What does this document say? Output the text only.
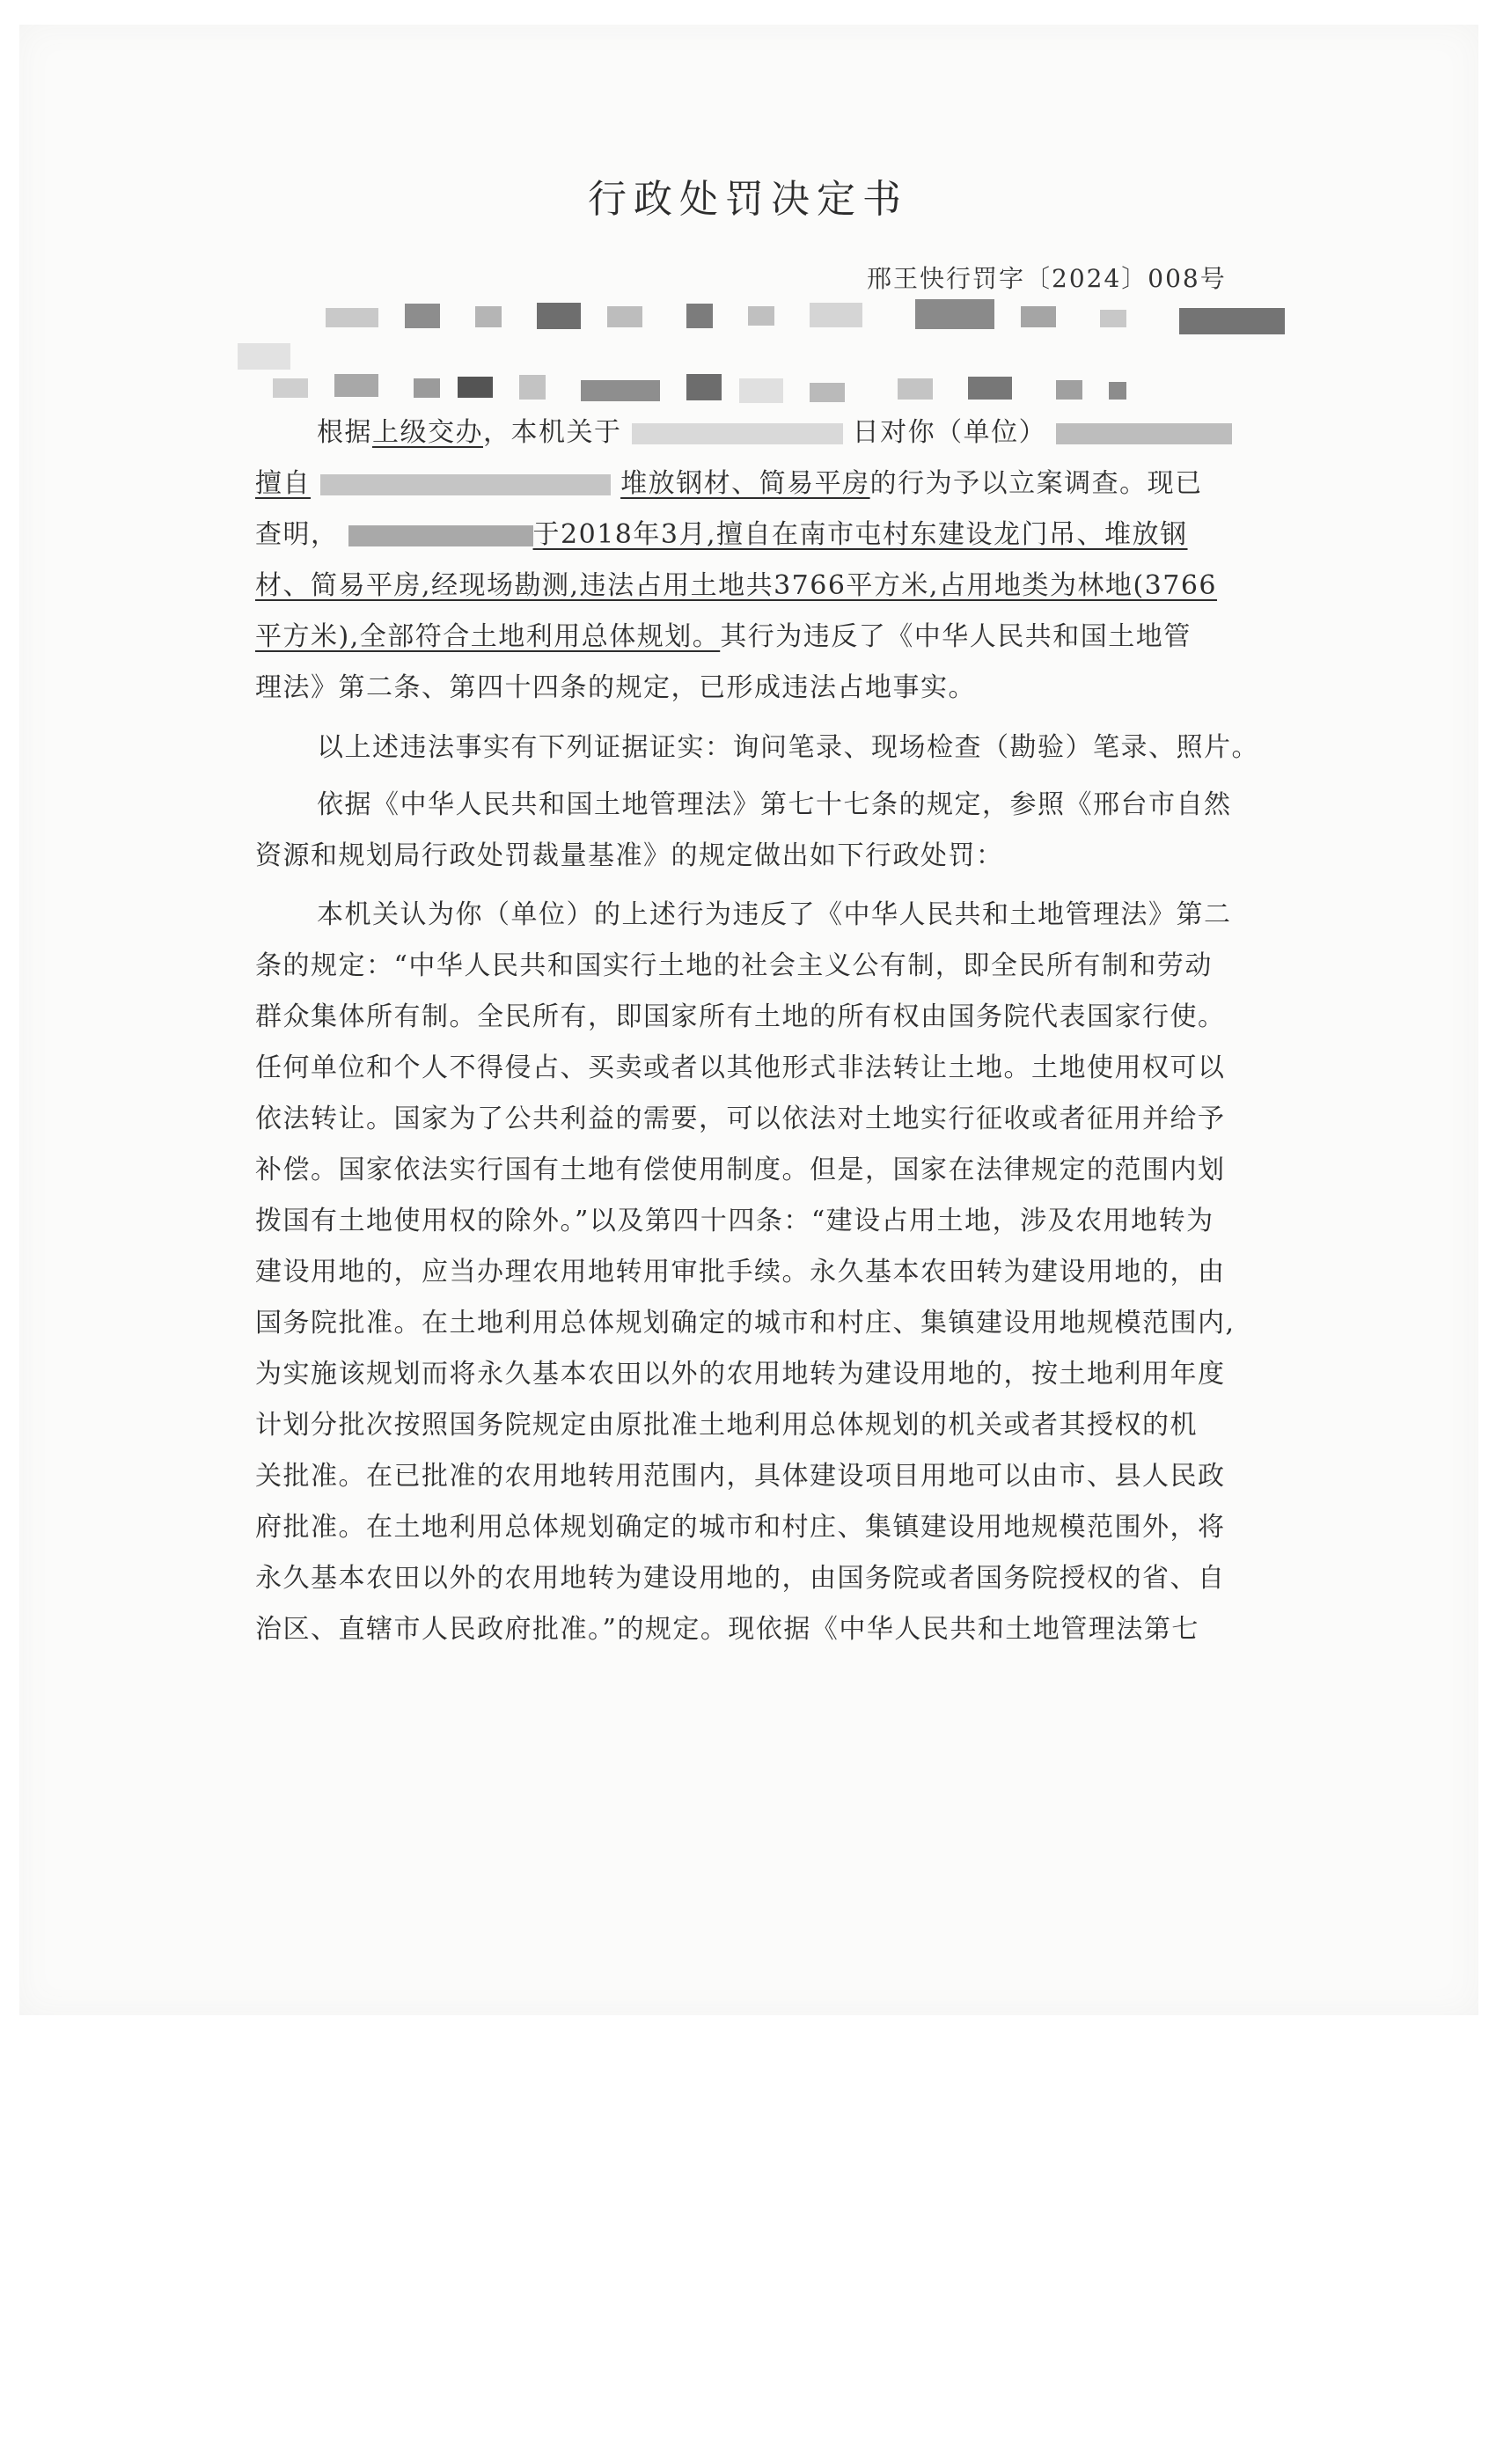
行政处罚决定书
邢王快行罚字〔2024〕008号
根据上级交办，本机关于	日对你（单位）
擅自	堆放钢材、简易平房的行为予以立案调查。现已
查明，	于2018年3月,擅自在南市屯村东建设龙门吊、堆放钢
材、简易平房,经现场勘测,违法占用土地共3766平方米,占用地类为林地(3766
平方米),全部符合土地利用总体规划。其行为违反了《中华人民共和国土地管
理法》第二条、第四十四条的规定，已形成违法占地事实。
以上述违法事实有下列证据证实：询问笔录、现场检查（勘验）笔录、照片。
依据《中华人民共和国土地管理法》第七十七条的规定，参照《邢台市自然
资源和规划局行政处罚裁量基准》的规定做出如下行政处罚：
本机关认为你（单位）的上述行为违反了《中华人民共和土地管理法》第二
条的规定：“中华人民共和国实行土地的社会主义公有制，即全民所有制和劳动
群众集体所有制。全民所有，即国家所有土地的所有权由国务院代表国家行使。
任何单位和个人不得侵占、买卖或者以其他形式非法转让土地。土地使用权可以
依法转让。国家为了公共利益的需要，可以依法对土地实行征收或者征用并给予
补偿。国家依法实行国有土地有偿使用制度。但是，国家在法律规定的范围内划
拨国有土地使用权的除外。”以及第四十四条：“建设占用土地，涉及农用地转为
建设用地的，应当办理农用地转用审批手续。永久基本农田转为建设用地的，由
国务院批准。在土地利用总体规划确定的城市和村庄、集镇建设用地规模范围内,
为实施该规划而将永久基本农田以外的农用地转为建设用地的，按土地利用年度
计划分批次按照国务院规定由原批准土地利用总体规划的机关或者其授权的机
关批准。在已批准的农用地转用范围内，具体建设项目用地可以由市、县人民政
府批准。在土地利用总体规划确定的城市和村庄、集镇建设用地规模范围外，将
永久基本农田以外的农用地转为建设用地的，由国务院或者国务院授权的省、自
治区、直辖市人民政府批准。”的规定。现依据《中华人民共和土地管理法第七
